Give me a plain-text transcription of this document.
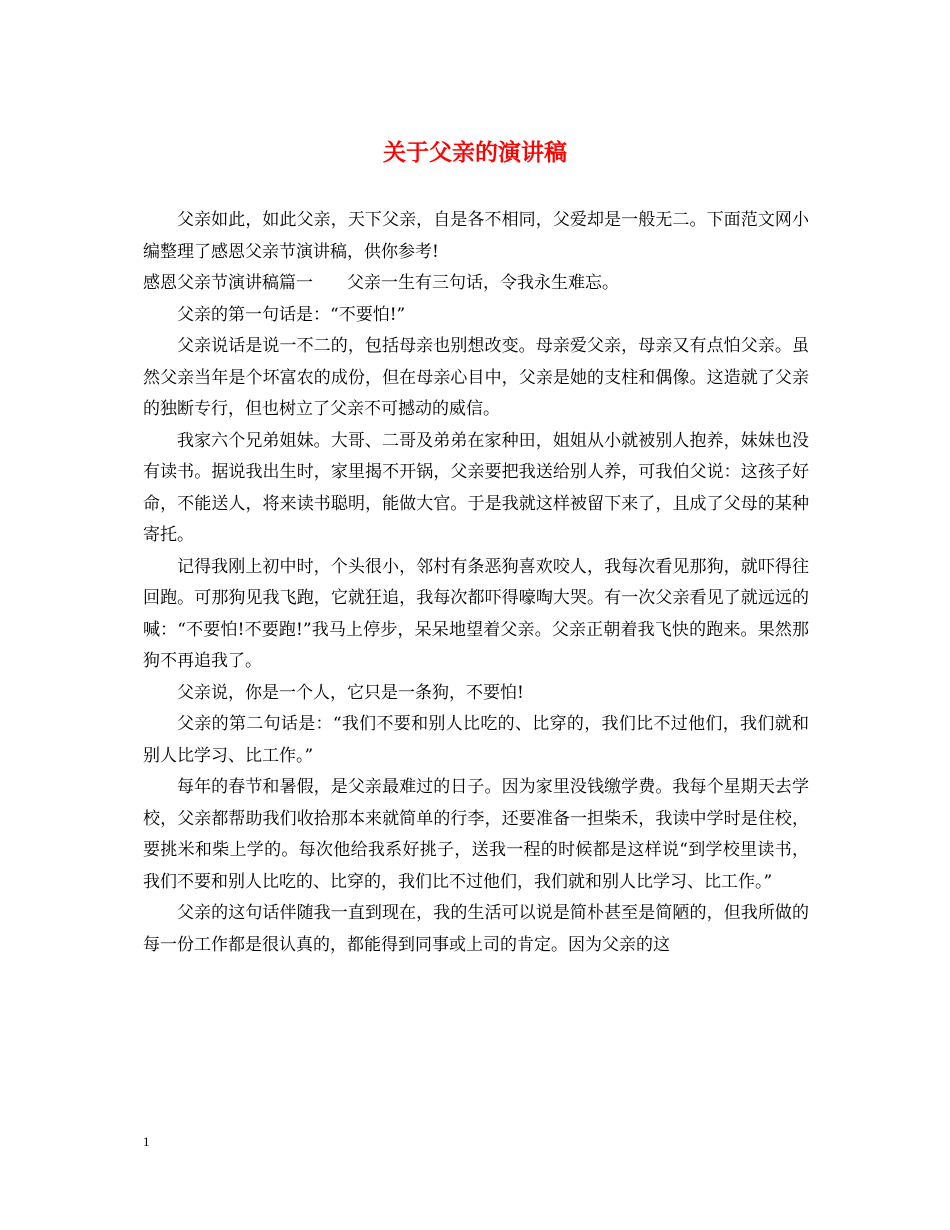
关于父亲的演讲稿

父亲如此，如此父亲，天下父亲，自是各不相同，父爱却是一般无二。下面范文网小编整理了感恩父亲节演讲稿，供你参考!

感恩父亲节演讲稿篇一　　父亲一生有三句话，令我永生难忘。

父亲的第一句话是：“不要怕!”

父亲说话是说一不二的，包括母亲也别想改变。母亲爱父亲，母亲又有点怕父亲。虽然父亲当年是个坏富农的成份，但在母亲心目中，父亲是她的支柱和偶像。这造就了父亲的独断专行，但也树立了父亲不可撼动的威信。

我家六个兄弟姐妹。大哥、二哥及弟弟在家种田，姐姐从小就被别人抱养，妹妹也没有读书。据说我出生时，家里揭不开锅，父亲要把我送给别人养，可我伯父说：这孩子好命，不能送人，将来读书聪明，能做大官。于是我就这样被留下来了，且成了父母的某种寄托。

记得我刚上初中时，个头很小，邻村有条恶狗喜欢咬人，我每次看见那狗，就吓得往回跑。可那狗见我飞跑，它就狂追，我每次都吓得嚎啕大哭。有一次父亲看见了就远远的喊：“不要怕!不要跑!”我马上停步，呆呆地望着父亲。父亲正朝着我飞快的跑来。果然那狗不再追我了。

父亲说，你是一个人，它只是一条狗，不要怕!

父亲的第二句话是：“我们不要和别人比吃的、比穿的，我们比不过他们，我们就和别人比学习、比工作。”

每年的春节和暑假，是父亲最难过的日子。因为家里没钱缴学费。我每个星期天去学校，父亲都帮助我们收拾那本来就简单的行李，还要准备一担柴禾，我读中学时是住校，要挑米和柴上学的。每次他给我系好挑子，送我一程的时候都是这样说“到学校里读书，我们不要和别人比吃的、比穿的，我们比不过他们，我们就和别人比学习、比工作。”

父亲的这句话伴随我一直到现在，我的生活可以说是简朴甚至是简陋的，但我所做的每一份工作都是很认真的，都能得到同事或上司的肯定。因为父亲的这

1
